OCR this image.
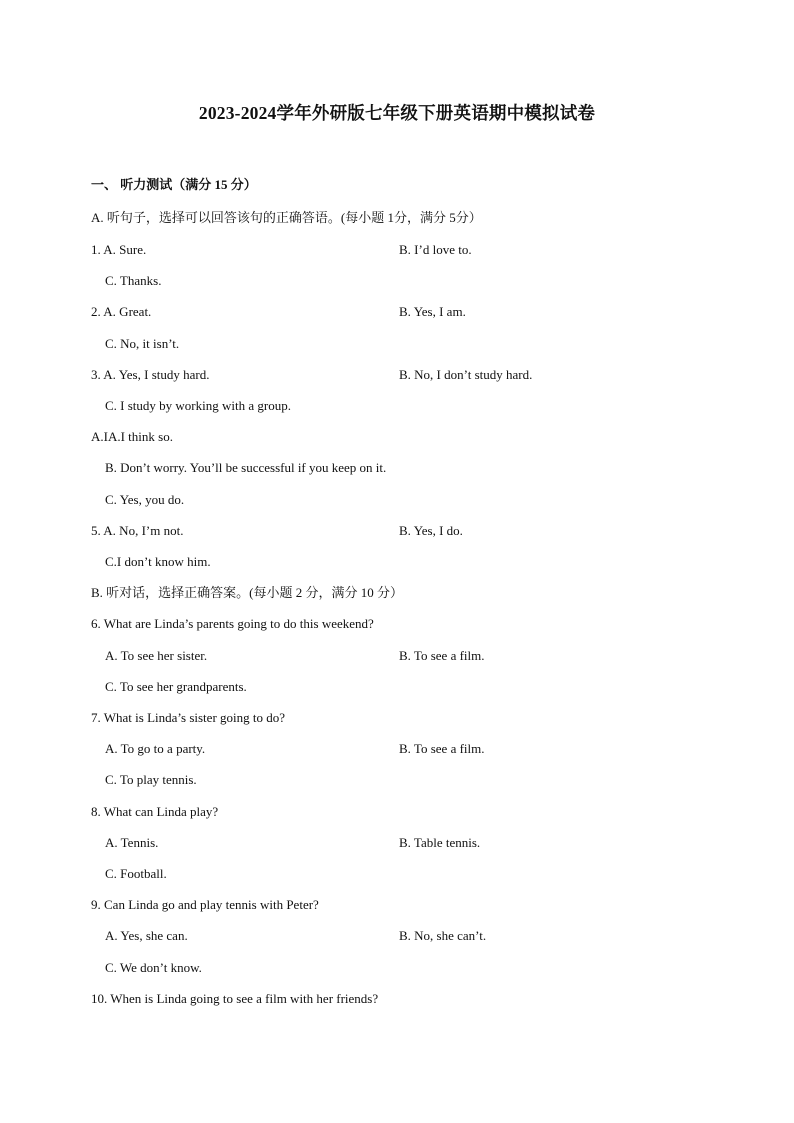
2023-2024学年外研版七年级下册英语期中模拟试卷
一、 听力测试（满分 15 分）
A. 听句子，选择可以回答该句的正确答语。(每小题 1分，满分 5分）
1. A. Sure.	B. I’d love to.
C. Thanks.
2. A. Great.	B. Yes, I am.
C. No, it isn’t.
3. A. Yes, I study hard.	B. No, I don’t study hard.
C. I study by working with a group.
A.IA.I think so.
B. Don’t worry. You’ll be successful if you keep on it.
C. Yes, you do.
5. A. No, I’m not.	B. Yes, I do.
C.I don’t know him.
B. 听对话，选择正确答案。(每小题 2 分，满分 10 分）
6. What are Linda’s parents going to do this weekend?
A. To see her sister.	B. To see a film.
C. To see her grandparents.
7. What is Linda’s sister going to do?
A. To go to a party.	B. To see a film.
C. To play tennis.
8. What can Linda play?
A. Tennis.	B. Table tennis.
C. Football.
9. Can Linda go and play tennis with Peter?
A. Yes, she can.	B. No, she can’t.
C. We don’t know.
10. When is Linda going to see a film with her friends?
